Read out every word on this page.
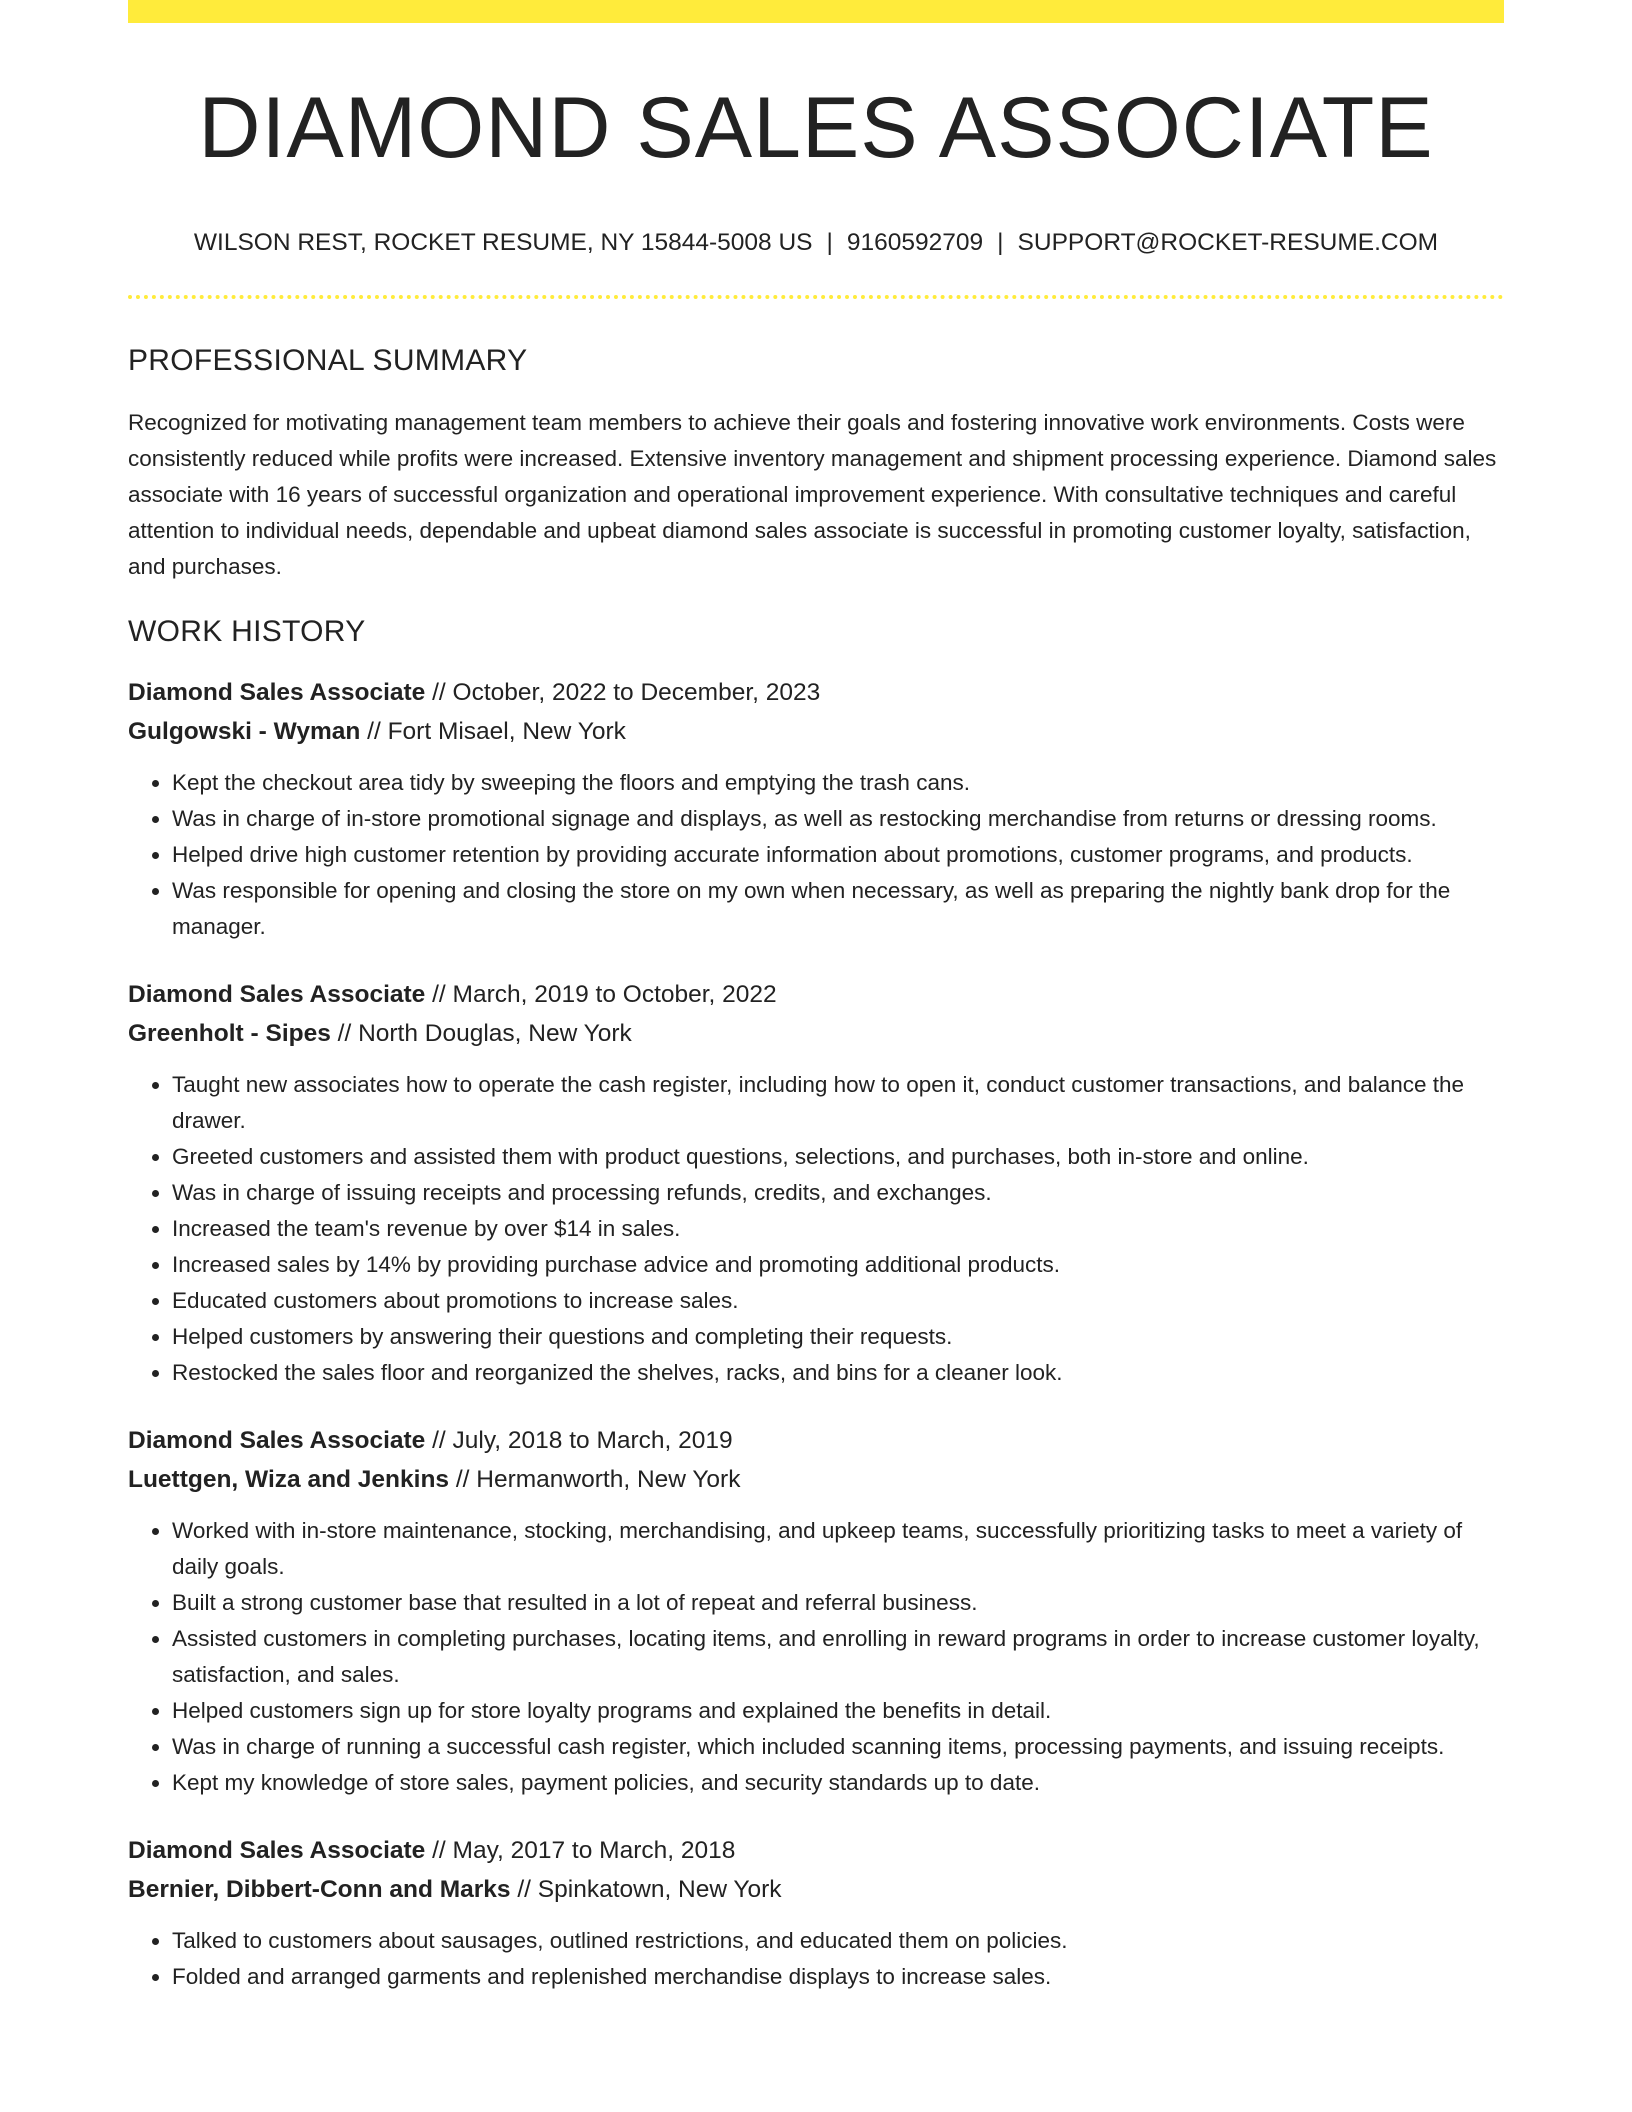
DIAMOND SALES ASSOCIATE
WILSON REST, ROCKET RESUME, NY 15844-5008 US | 9160592709 | SUPPORT@ROCKET-RESUME.COM
PROFESSIONAL SUMMARY
Recognized for motivating management team members to achieve their goals and fostering innovative work environments. Costs were consistently reduced while profits were increased. Extensive inventory management and shipment processing experience. Diamond sales associate with 16 years of successful organization and operational improvement experience. With consultative techniques and careful attention to individual needs, dependable and upbeat diamond sales associate is successful in promoting customer loyalty, satisfaction, and purchases.
WORK HISTORY
Diamond Sales Associate // October, 2022 to December, 2023
Gulgowski - Wyman // Fort Misael, New York
• Kept the checkout area tidy by sweeping the floors and emptying the trash cans.
• Was in charge of in-store promotional signage and displays, as well as restocking merchandise from returns or dressing rooms.
• Helped drive high customer retention by providing accurate information about promotions, customer programs, and products.
• Was responsible for opening and closing the store on my own when necessary, as well as preparing the nightly bank drop for the manager.
Diamond Sales Associate // March, 2019 to October, 2022
Greenholt - Sipes // North Douglas, New York
• Taught new associates how to operate the cash register, including how to open it, conduct customer transactions, and balance the drawer.
• Greeted customers and assisted them with product questions, selections, and purchases, both in-store and online.
• Was in charge of issuing receipts and processing refunds, credits, and exchanges.
• Increased the team's revenue by over $14 in sales.
• Increased sales by 14% by providing purchase advice and promoting additional products.
• Educated customers about promotions to increase sales.
• Helped customers by answering their questions and completing their requests.
• Restocked the sales floor and reorganized the shelves, racks, and bins for a cleaner look.
Diamond Sales Associate // July, 2018 to March, 2019
Luettgen, Wiza and Jenkins // Hermanworth, New York
• Worked with in-store maintenance, stocking, merchandising, and upkeep teams, successfully prioritizing tasks to meet a variety of daily goals.
• Built a strong customer base that resulted in a lot of repeat and referral business.
• Assisted customers in completing purchases, locating items, and enrolling in reward programs in order to increase customer loyalty, satisfaction, and sales.
• Helped customers sign up for store loyalty programs and explained the benefits in detail.
• Was in charge of running a successful cash register, which included scanning items, processing payments, and issuing receipts.
• Kept my knowledge of store sales, payment policies, and security standards up to date.
Diamond Sales Associate // May, 2017 to March, 2018
Bernier, Dibbert-Conn and Marks // Spinkatown, New York
• Talked to customers about sausages, outlined restrictions, and educated them on policies.
• Folded and arranged garments and replenished merchandise displays to increase sales.
